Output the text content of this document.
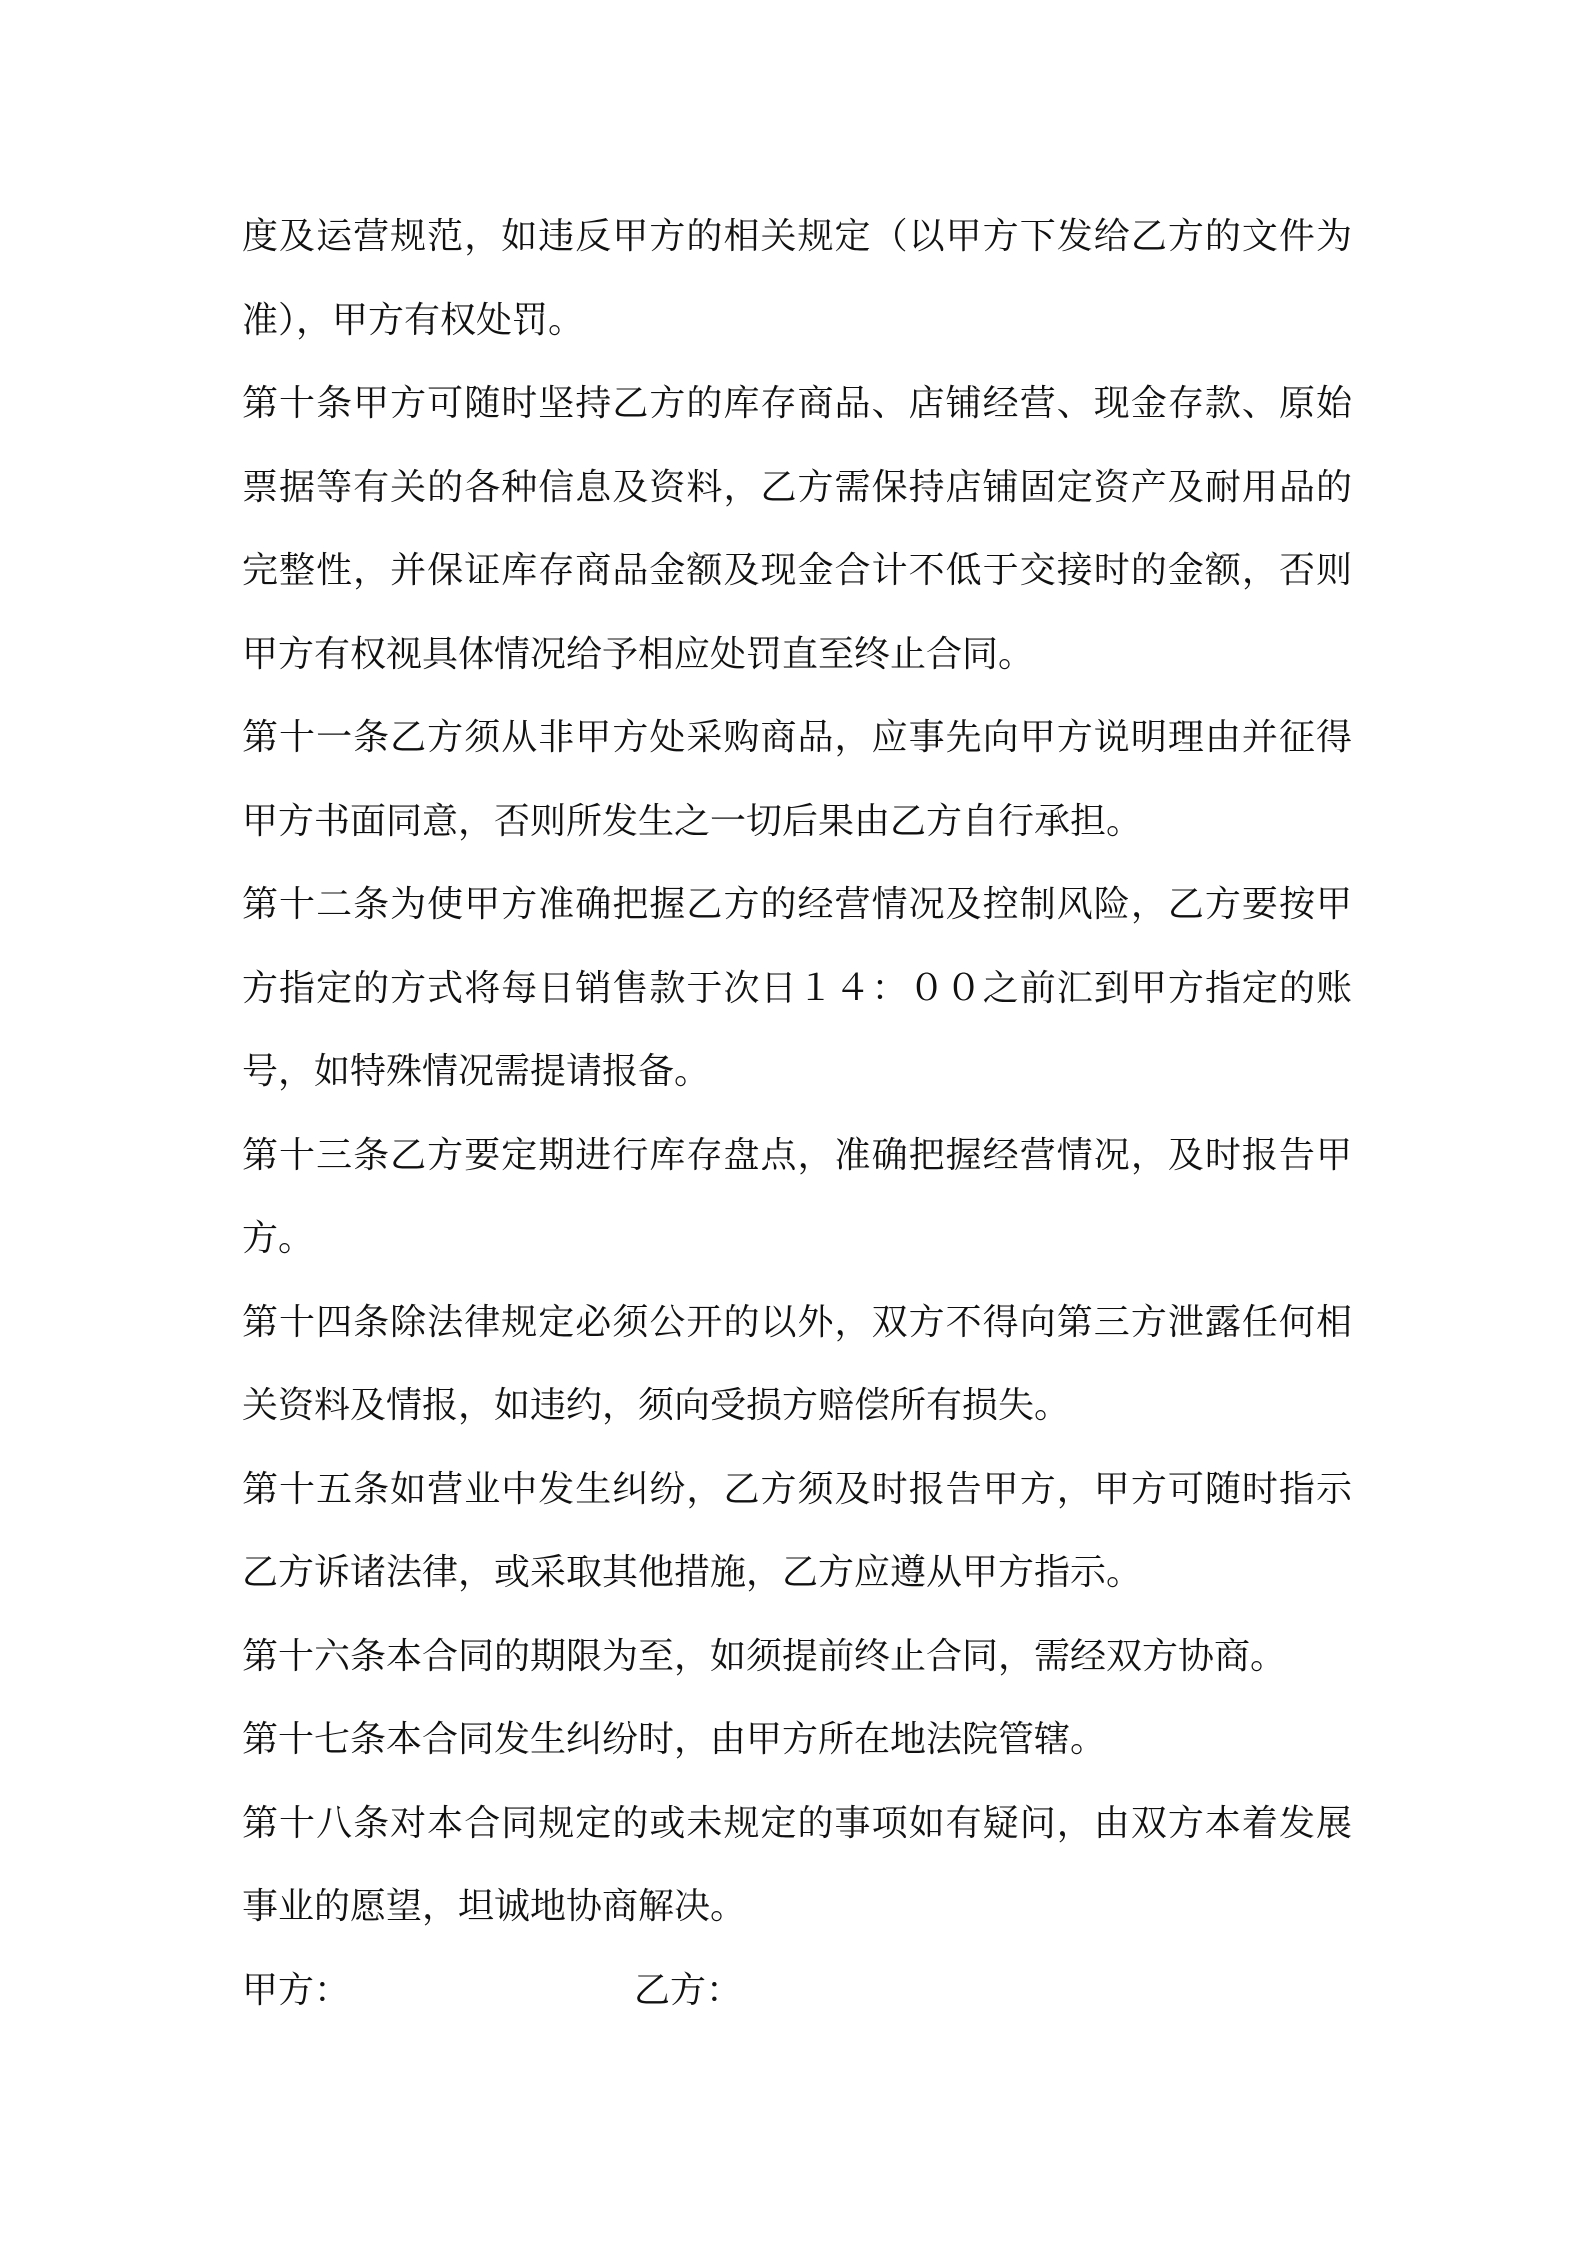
度及运营规范，如违反甲方的相关规定（以甲方下发给乙方的文件为准），甲方有权处罚。

第十条甲方可随时坚持乙方的库存商品、店铺经营、现金存款、原始票据等有关的各种信息及资料，乙方需保持店铺固定资产及耐用品的完整性，并保证库存商品金额及现金合计不低于交接时的金额，否则甲方有权视具体情况给予相应处罚直至终止合同。

第十一条乙方须从非甲方处采购商品，应事先向甲方说明理由并征得甲方书面同意，否则所发生之一切后果由乙方自行承担。

第十二条为使甲方准确把握乙方的经营情况及控制风险，乙方要按甲方指定的方式将每日销售款于次日１４：００之前汇到甲方指定的账号，如特殊情况需提请报备。

第十三条乙方要定期进行库存盘点，准确把握经营情况，及时报告甲方。

第十四条除法律规定必须公开的以外，双方不得向第三方泄露任何相关资料及情报，如违约，须向受损方赔偿所有损失。

第十五条如营业中发生纠纷，乙方须及时报告甲方，甲方可随时指示乙方诉诸法律，或采取其他措施，乙方应遵从甲方指示。

第十六条本合同的期限为至，如须提前终止合同，需经双方协商。

第十七条本合同发生纠纷时，由甲方所在地法院管辖。

第十八条对本合同规定的或未规定的事项如有疑问，由双方本着发展事业的愿望，坦诚地协商解决。

甲方：	乙方：
